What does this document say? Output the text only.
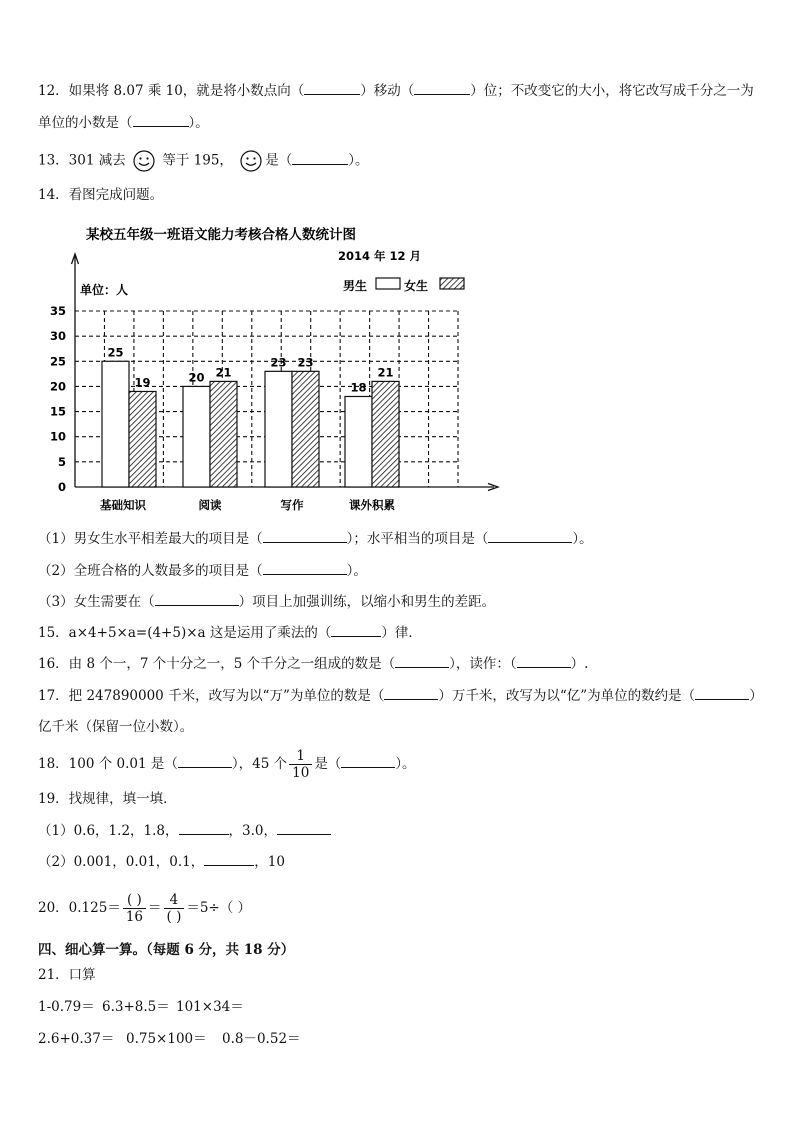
12．如果将 8.07 乘 10，就是将小数点向（	）移动（	）位；不改变它的大小，将它改写成千分之一为
单位的小数是（	）。
13．301 减去	等于 195， 是（	）。
14．看图完成问题。
某校五年级一班语文能力考核合格人数统计图
2014 年 12 月
单位：人	男生	女生
0
5
10
15
20
25
30
35
25
19	20 21
23 23
18
21
基础知识	阅读	写作	课外积累
（1）男女生水平相差最大的项目是（	）；水平相当的项目是（	）。
（2）全班合格的人数最多的项目是（	）。
（3）女生需要在（	）项目上加强训练，以缩小和男生的差距。
15．a×4+5×a=(4+5)×a 这是运用了乘法的（	）律．
16．由 8 个一，7 个十分之一，5 个千分之一组成的数是（	），读作：（	）.
17．把 247890000 千米，改写为以“万”为单位的数是（	）万千米，改写为以“亿”为单位的数约是（	）
亿千米（保留一位小数）。
18．100 个 0.01 是（	），45 个 $\frac{1}{10}$ 是（	）。
19．找规律，填一填．
（1）0.6，1.2，1.8，	，3.0，
（2）0.001，0.01，0.1，	，10
20．$0.125= \frac{( )}{16} = \frac{4}{( )} =5\div$（ ）
四、细心算一算。（每题 6 分，共 18 分）
21．口算
1-0.79＝ 6.3+8.5＝ 101×34＝
2.6+0.37＝ 0.75×100＝ 0.8－0.52＝
